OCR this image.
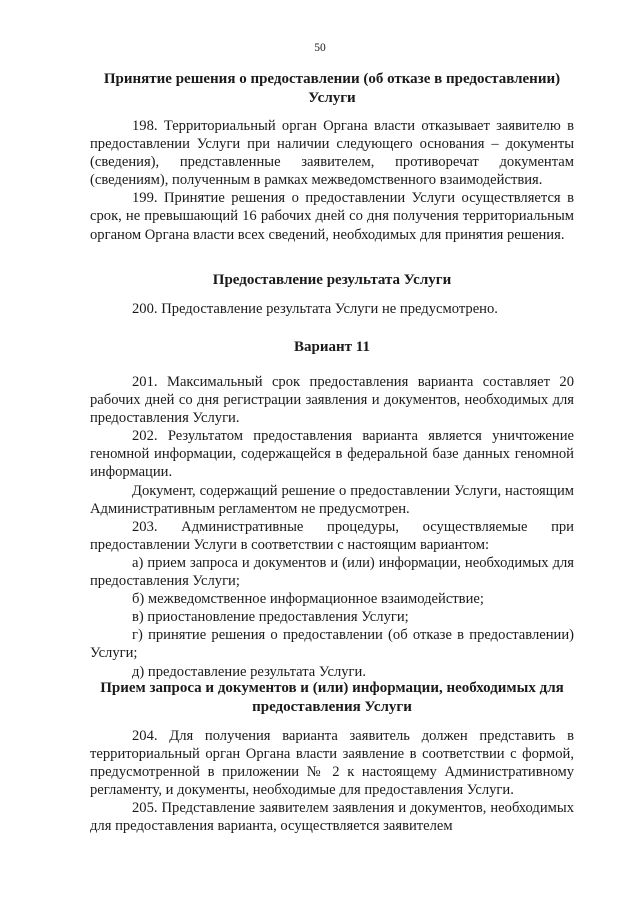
50
Принятие решения о предоставлении (об отказе в предоставлении) Услуги

198. Территориальный орган Органа власти отказывает заявителю в предоставлении Услуги при наличии следующего основания – документы (сведения), представленные заявителем, противоречат документам (сведениям), полученным в рамках межведомственного взаимодействия.

199. Принятие решения о предоставлении Услуги осуществляется в срок, не превышающий 16 рабочих дней со дня получения территориальным органом Органа власти всех сведений, необходимых для принятия решения.

Предоставление результата Услуги

200. Предоставление результата Услуги не предусмотрено.

Вариант 11

201. Максимальный срок предоставления варианта составляет 20 рабочих дней со дня регистрации заявления и документов, необходимых для предоставления Услуги.

202. Результатом предоставления варианта является уничтожение геномной информации, содержащейся в федеральной базе данных геномной информации.

Документ, содержащий решение о предоставлении Услуги, настоящим Административным регламентом не предусмотрен.

203. Административные процедуры, осуществляемые при предоставлении Услуги в соответствии с настоящим вариантом:

а) прием запроса и документов и (или) информации, необходимых для предоставления Услуги;

б) межведомственное информационное взаимодействие;

в) приостановление предоставления Услуги;

г) принятие решения о предоставлении (об отказе в предоставлении) Услуги;

д) предоставление результата Услуги.

Прием запроса и документов и (или) информации, необходимых для предоставления Услуги

204. Для получения варианта заявитель должен представить в территориальный орган Органа власти заявление в соответствии с формой, предусмотренной в приложении № 2 к настоящему Административному регламенту, и документы, необходимые для предоставления Услуги.

205. Представление заявителем заявления и документов, необходимых для предоставления варианта, осуществляется заявителем
